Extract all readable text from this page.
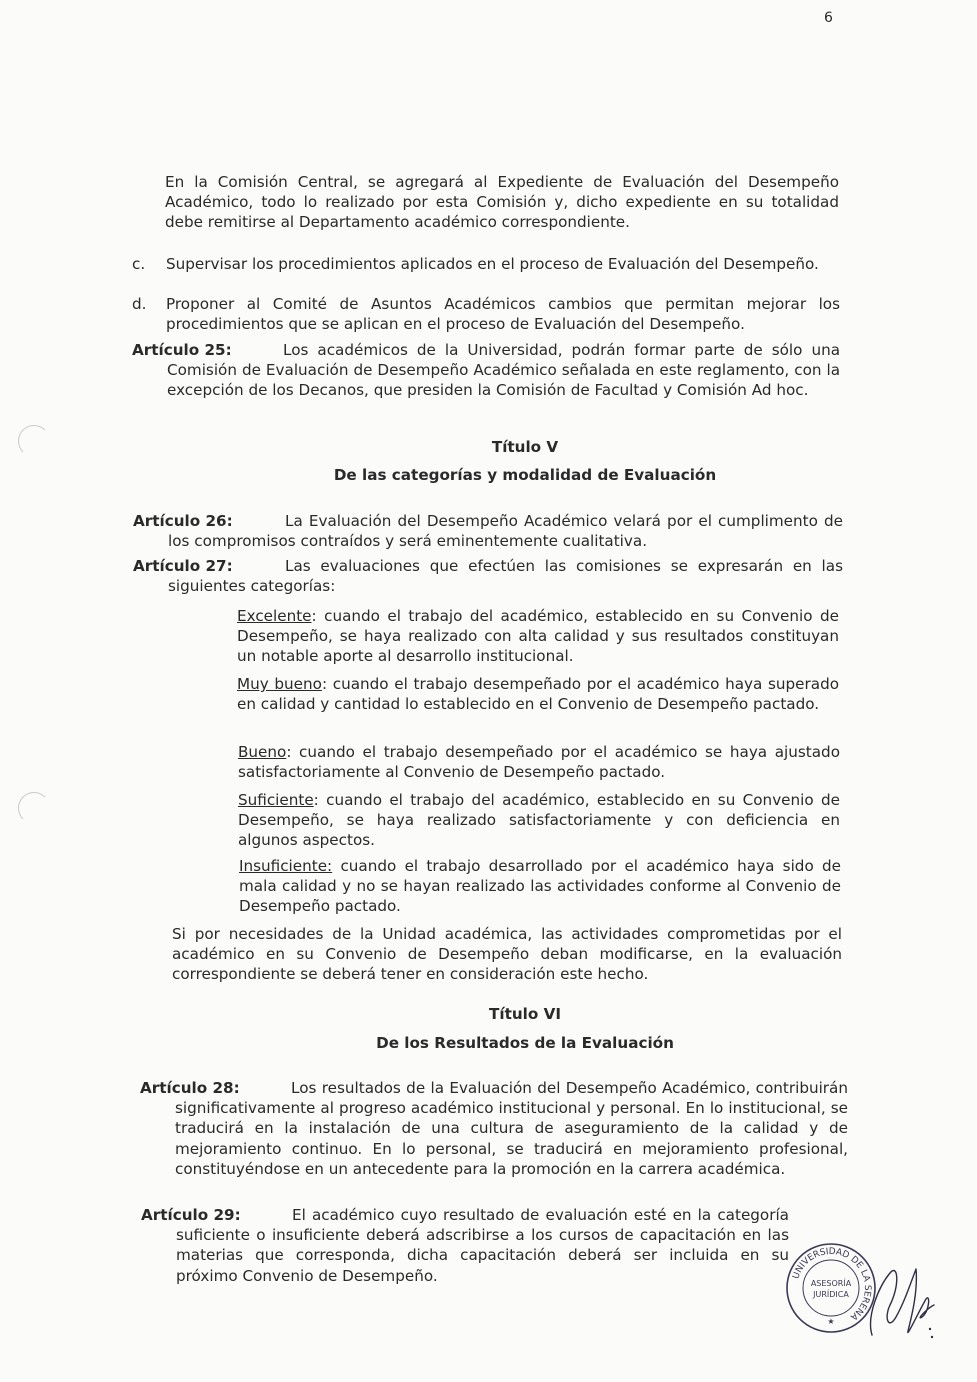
6
En la Comisión Central, se agregará al Expediente de Evaluación del Desempeño Académico, todo lo realizado por esta Comisión y, dicho expediente en su totalidad debe remitirse al Departamento académico correspondiente.
c. Supervisar los procedimientos aplicados en el proceso de Evaluación del Desempeño.
d. Proponer al Comité de Asuntos Académicos cambios que permitan mejorar los procedimientos que se aplican en el proceso de Evaluación del Desempeño.
Artículo 25:	Los académicos de la Universidad, podrán formar parte de sólo una Comisión de Evaluación de Desempeño Académico señalada en este reglamento, con la excepción de los Decanos, que presiden la Comisión de Facultad y Comisión Ad hoc.
Título V
De las categorías y modalidad de Evaluación
Artículo 26:	La Evaluación del Desempeño Académico velará por el cumplimento de los compromisos contraídos y será eminentemente cualitativa.
Artículo 27:	Las evaluaciones que efectúen las comisiones se expresarán en las siguientes categorías:
Excelente: cuando el trabajo del académico, establecido en su Convenio de Desempeño, se haya realizado con alta calidad y sus resultados constituyan un notable aporte al desarrollo institucional.
Muy bueno: cuando el trabajo desempeñado por el académico haya superado en calidad y cantidad lo establecido en el Convenio de Desempeño pactado.
Bueno: cuando el trabajo desempeñado por el académico se haya ajustado satisfactoriamente al Convenio de Desempeño pactado.
Suficiente: cuando el trabajo del académico, establecido en su Convenio de Desempeño, se haya realizado satisfactoriamente y con deficiencia en algunos aspectos.
Insuficiente: cuando el trabajo desarrollado por el académico haya sido de mala calidad y no se hayan realizado las actividades conforme al Convenio de Desempeño pactado.
Si por necesidades de la Unidad académica, las actividades comprometidas por el académico en su Convenio de Desempeño deban modificarse, en la evaluación correspondiente se deberá tener en consideración este hecho.
Título VI
De los Resultados de la Evaluación
Artículo 28:	Los resultados de la Evaluación del Desempeño Académico, contribuirán significativamente al progreso académico institucional y personal. En lo institucional, se traducirá en la instalación de una cultura de aseguramiento de la calidad y de mejoramiento continuo. En lo personal, se traducirá en mejoramiento profesional, constituyéndose en un antecedente para la promoción en la carrera académica.
Artículo 29:	El académico cuyo resultado de evaluación esté en la categoría suficiente o insuficiente deberá adscribirse a los cursos de capacitación en las materias que corresponda, dicha capacitación deberá ser incluida en su próximo Convenio de Desempeño.	UNIVERSIDAD DE LA SERENA
ASESORÍA
JURÍDICA
★
